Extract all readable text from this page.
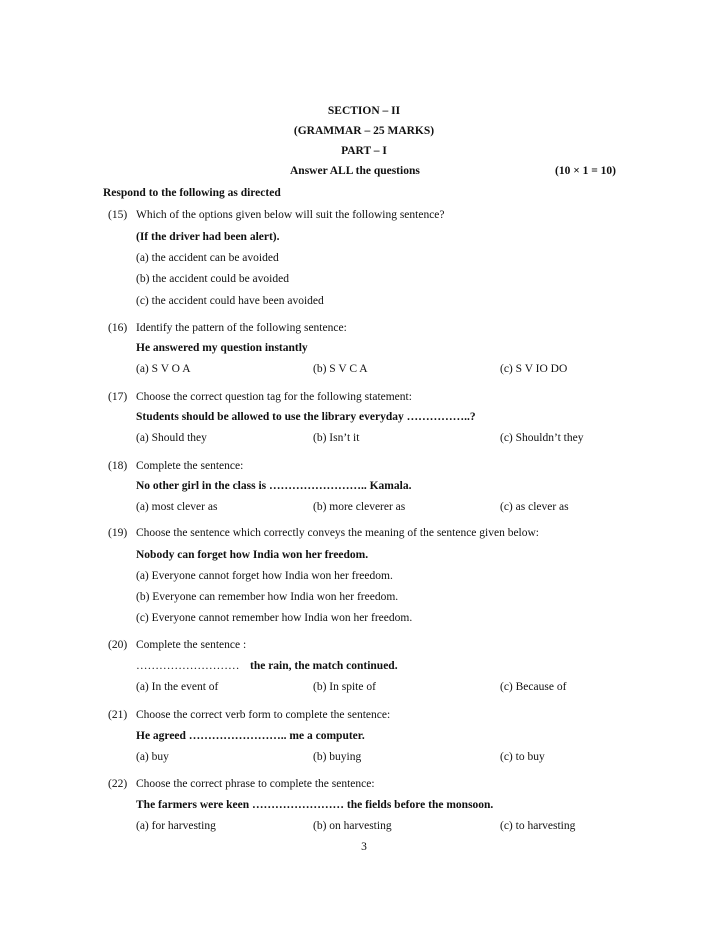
SECTION – II
(GRAMMAR – 25 MARKS)
PART – I
Answer ALL the questions	(10 × 1 = 10)
Respond to the following as directed
(15) Which of the options given below will suit the following sentence?
(If the driver had been alert).
(a) the accident can be avoided
(b) the accident could be avoided
(c) the accident could have been avoided
(16) Identify the pattern of the following sentence:
He answered my question instantly
(a) S V O A	(b) S V C A	(c) S V IO DO
(17) Choose the correct question tag for the following statement:
Students should be allowed to use the library everyday ……………..?
(a) Should they	(b) Isn’t it	(c) Shouldn’t they
(18) Complete the sentence:
No other girl in the class is …………………….. Kamala.
(a) most clever as	(b) more cleverer as	(c) as clever as
(19) Choose the sentence which correctly conveys the meaning of the sentence given below:
Nobody can forget how India won her freedom.
(a) Everyone cannot forget how India won her freedom.
(b) Everyone can remember how India won her freedom.
(c) Everyone cannot remember how India won her freedom.
(20) Complete the sentence :
……………………… the rain, the match continued.
(a) In the event of	(b) In spite of	(c) Because of
(21) Choose the correct verb form to complete the sentence:
He agreed …………………….. me a computer.
(a) buy	(b) buying	(c) to buy
(22) Choose the correct phrase to complete the sentence:
The farmers were keen …………………… the fields before the monsoon.
(a) for harvesting	(b) on harvesting	(c) to harvesting
3
